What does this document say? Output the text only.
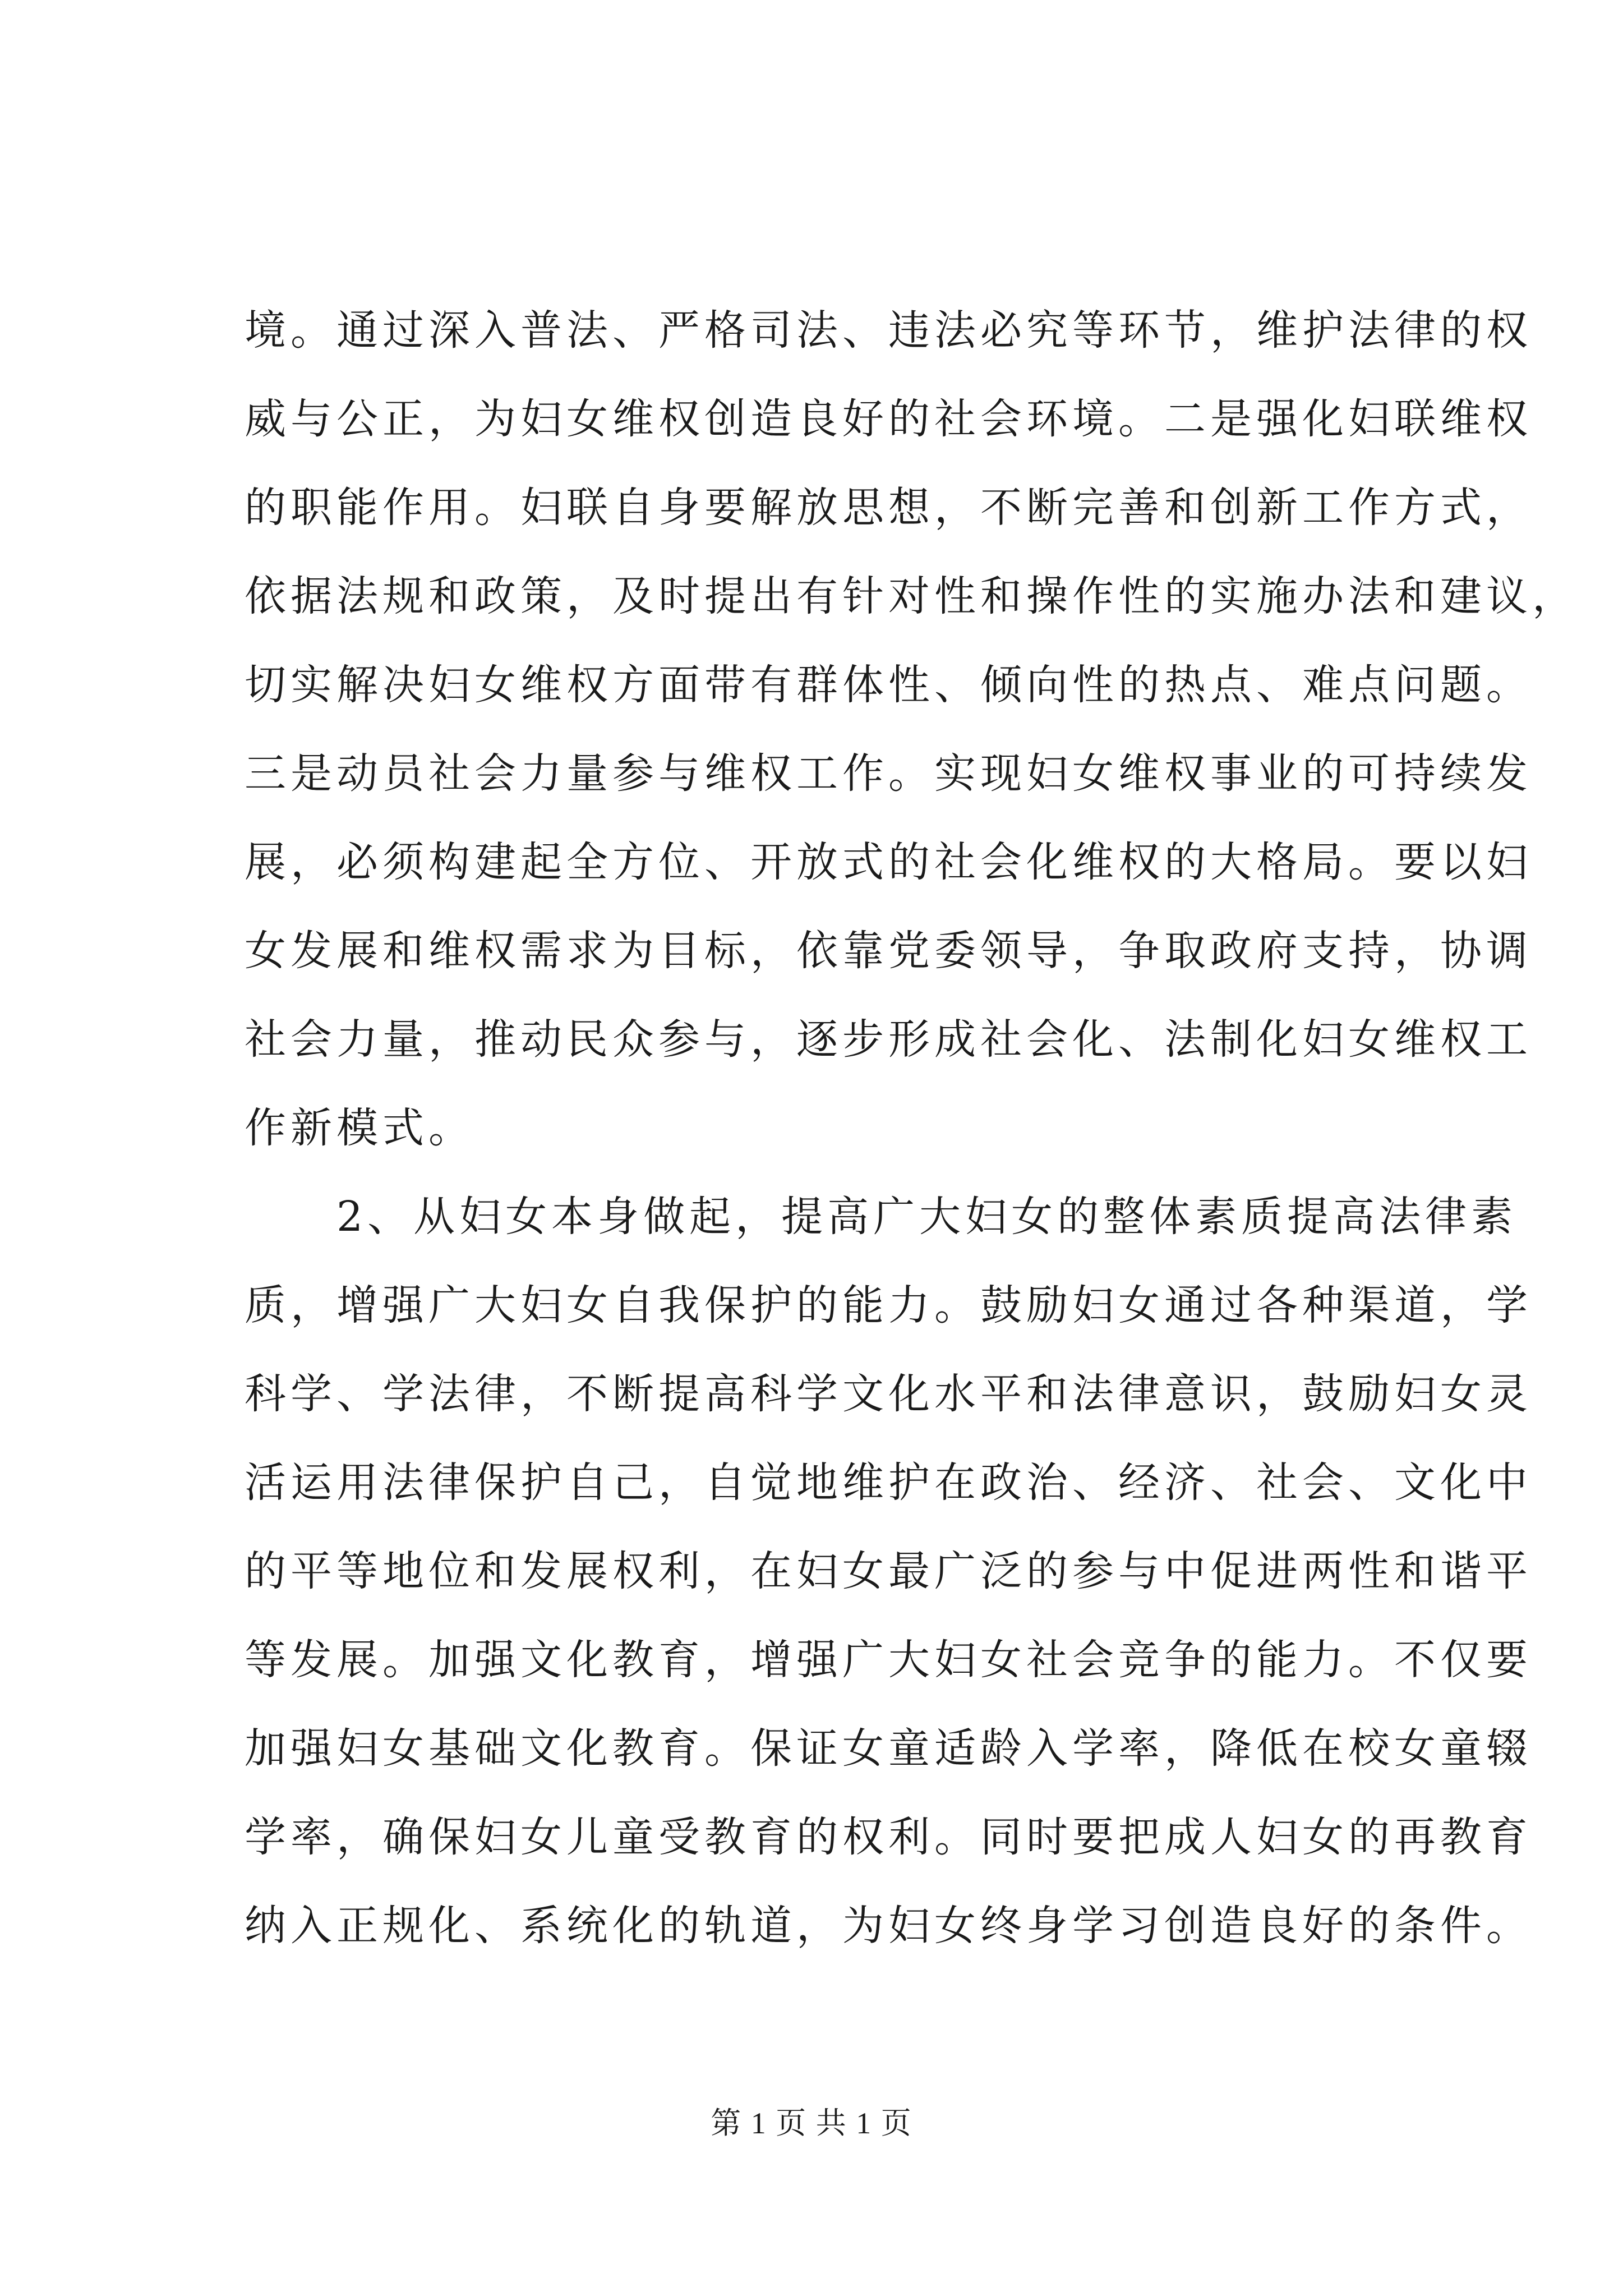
境。通过深入普法、严格司法、违法必究等环节，维护法律的权
威与公正，为妇女维权创造良好的社会环境。二是强化妇联维权
的职能作用。妇联自身要解放思想，不断完善和创新工作方式，
依据法规和政策，及时提出有针对性和操作性的实施办法和建议，
切实解决妇女维权方面带有群体性、倾向性的热点、难点问题。
三是动员社会力量参与维权工作。实现妇女维权事业的可持续发
展，必须构建起全方位、开放式的社会化维权的大格局。要以妇
女发展和维权需求为目标，依靠党委领导，争取政府支持，协调
社会力量，推动民众参与，逐步形成社会化、法制化妇女维权工
作新模式。
　　2、从妇女本身做起，提高广大妇女的整体素质提高法律素
质，增强广大妇女自我保护的能力。鼓励妇女通过各种渠道，学
科学、学法律，不断提高科学文化水平和法律意识，鼓励妇女灵
活运用法律保护自己，自觉地维护在政治、经济、社会、文化中
的平等地位和发展权利，在妇女最广泛的参与中促进两性和谐平
等发展。加强文化教育，增强广大妇女社会竞争的能力。不仅要
加强妇女基础文化教育。保证女童适龄入学率，降低在校女童辍
学率，确保妇女儿童受教育的权利。同时要把成人妇女的再教育
纳入正规化、系统化的轨道，为妇女终身学习创造良好的条件。
第 1 页 共 1 页
